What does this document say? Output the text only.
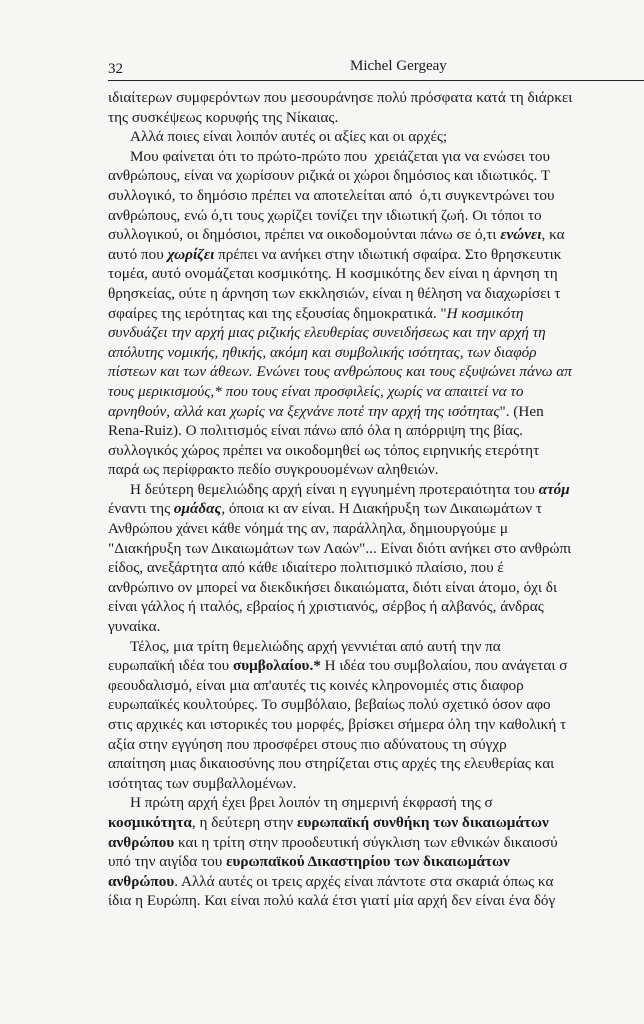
32	Michel Gergeay
ιδιαίτερων συμφερόντων που μεσουράνησε πολύ πρόσφατα κατά τη διάρκει
της συσκέψεως κορυφής της Νίκαιας.
Αλλά ποιες είναι λοιπόν αυτές οι αξίες και οι αρχές;
Μου φαίνεται ότι το πρώτο-πρώτο που  χρειάζεται για να ενώσει του
ανθρώπους, είναι να χωρίσουν ριζικά οι χώροι δημόσιος και ιδιωτικός. Τ
συλλογικό, το δημόσιο πρέπει να αποτελείται από  ό,τι συγκεντρώνει του
ανθρώπους, ενώ ό,τι τους χωρίζει τονίζει την ιδιωτική ζωή. Οι τόποι το
συλλογικού, οι δημόσιοι, πρέπει να οικοδομούνται πάνω σε ό,τι ενώνει , κα
αυτό που χωρίζει πρέπει να ανήκει στην ιδιωτική σφαίρα. Στο θρησκευτικ
τομέα, αυτό ονομάζεται κοσμικότης. Η κοσμικότης δεν είναι η άρνηση τη
θρησκείας, ούτε η άρνηση των εκκλησιών, είναι η θέληση να διαχωρίσει τ
σφαίρες της ιερότητας και της εξουσίας δημοκρατικά. " Η κοσμικότη
συνδυάζει την αρχή μιας ριζικής ελευθερίας συνειδήσεως και την αρχή τη
απόλυτης νομικής, ηθικής, ακόμη και συμβολικής ισότητας, των διαφόρ
πίστεων και των άθεων. Ενώνει τους ανθρώπους και τους εξυψώνει πάνω απ
τους μερικισμούς,* που τους είναι προσφιλείς, χωρίς να απαιτεί να το
αρνηθούν, αλλά και χωρίς να ξεχνάνε ποτέ την αρχή της ισότητας ". (Hen
Rena-Ruiz). Ο πολιτισμός είναι πάνω από όλα η απόρριψη της βίας.
συλλογικός χώρος πρέπει να οικοδομηθεί ως τόπος ειρηνικής ετερότητ
παρά ως περίφρακτο πεδίο συγκρουομένων αληθειών.
Η δεύτερη θεμελιώδης αρχή είναι η εγγυημένη προτεραιότητα του ατόμ
έναντι της ομάδας , όποια κι αν είναι. Η Διακήρυξη των Δικαιωμάτων τ
Ανθρώπου χάνει κάθε νόημά της αν, παράλληλα, δημιουργούμε μ
"Διακήρυξη των Δικαιωμάτων των Λαών"... Είναι διότι ανήκει στο ανθρώπι
είδος, ανεξάρτητα από κάθε ιδιαίτερο πολιτισμικό πλαίσιο, που έ
ανθρώπινο ον μπορεί να διεκδικήσει δικαιώματα, διότι είναι άτομο, όχι δι
είναι γάλλος ή ιταλός, εβραίος ή χριστιανός, σέρβος ή αλβανός, άνδρας
γυναίκα.
Τέλος, μια τρίτη θεμελιώδης αρχή γεννιέται από αυτή την πα
ευρωπαϊκή ιδέα του συμβολαίου.* Η ιδέα του συμβολαίου, που ανάγεται σ
φεουδαλισμό, είναι μια απ'αυτές τις κοινές κληρονομιές στις διαφορ
ευρωπαϊκές κουλτούρες. Το συμβόλαιο, βεβαίως πολύ σχετικό όσον αφο
στις αρχικές και ιστορικές του μορφές, βρίσκει σήμερα όλη την καθολική τ
αξία στην εγγύηση που προσφέρει στους πιο αδύνατους τη σύγχρ
απαίτηση μιας δικαιοσύνης που στηρίζεται στις αρχές της ελευθερίας και
ισότητας των συμβαλλομένων.
Η πρώτη αρχή έχει βρει λοιπόν τη σημερινή έκφρασή της σ
κοσμικότητα , η δεύτερη στην ευρωπαϊκή συνθήκη των δικαιωμάτων
ανθρώπου και η τρίτη στην προοδευτική σύγκλιση των εθνικών δικαιοσύ
υπό την αιγίδα του ευρωπαϊκού Δικαστηρίου των δικαιωμάτων
ανθρώπου . Αλλά αυτές οι τρεις αρχές είναι πάντοτε στα σκαριά όπως κα
ίδια η Ευρώπη. Και είναι πολύ καλά έτσι γιατί μία αρχή δεν είναι ένα δόγ
